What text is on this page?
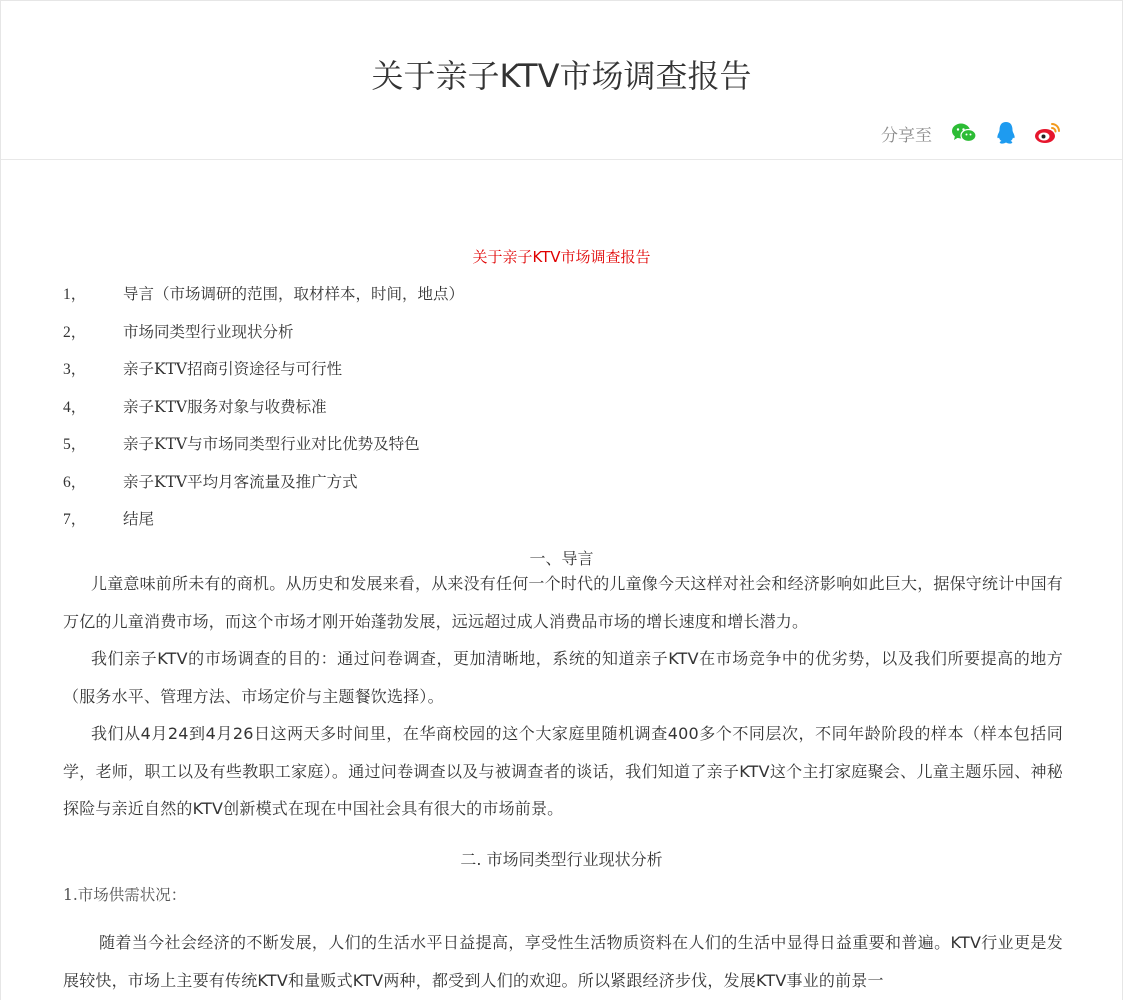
关于亲子KTV市场调查报告
分享至
关于亲子KTV市场调查报告
1，	导言（市场调研的范围，取材样本，时间，地点）
2，	市场同类型行业现状分析
3，	亲子KTV招商引资途径与可行性
4，	亲子KTV服务对象与收费标准
5，	亲子KTV与市场同类型行业对比优势及特色
6，	亲子KTV平均月客流量及推广方式
7，	结尾
一、导言

儿童意味前所未有的商机。从历史和发展来看，从来没有任何一个时代的儿童像今天这样对社会和经济影响如此巨大，据保守统计中国有万亿的儿童消费市场，而这个市场才刚开始蓬勃发展，远远超过成人消费品市场的增长速度和增长潜力。

我们亲子KTV的市场调查的目的：通过问卷调查，更加清晰地，系统的知道亲子KTV在市场竞争中的优劣势，以及我们所要提高的地方（服务水平、管理方法、市场定价与主题餐饮选择）。

我们从4月24到4月26日这两天多时间里，在华商校园的这个大家庭里随机调查400多个不同层次，不同年龄阶段的样本（样本包括同学，老师，职工以及有些教职工家庭）。通过问卷调查以及与被调查者的谈话，我们知道了亲子KTV这个主打家庭聚会、儿童主题乐园、神秘探险与亲近自然的KTV创新模式在现在中国社会具有很大的市场前景。

二. 市场同类型行业现状分析
1.市场供需状况：

随着当今社会经济的不断发展，人们的生活水平日益提高，享受性生活物质资料在人们的生活中显得日益重要和普遍。KTV行业更是发展较快，市场上主要有传统KTV和量贩式KTV两种，都受到人们的欢迎。所以紧跟经济步伐，发展KTV事业的前景一
